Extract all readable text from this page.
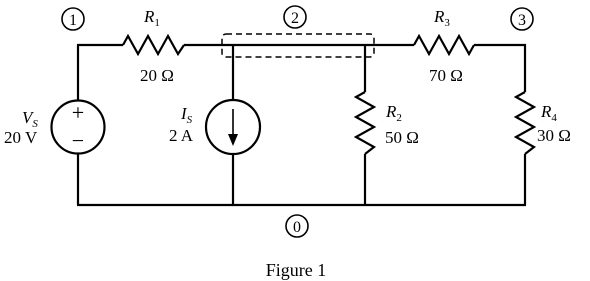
+
−
1	2	3
0
$R_1$
20 Ω
$R_3$
70 Ω
$R_2$
50 Ω
$R_4$
30 Ω
$V_S$
20 V
$I_S$
2 A
Figure 1
